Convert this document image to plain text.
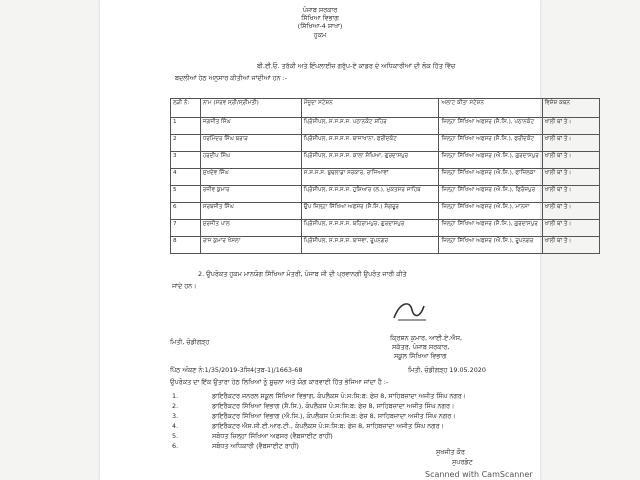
ਪੰਜਾਬ ਸਰਕਾਰ
ਸਿੱਖਿਆ ਵਿਭਾਗ
(ਸਿੱਖਿਆ-4 ਸ਼ਾਖਾ)
ਹੁਕਮ
ਬੀ.ਈ.ਓ. ਤਰੱਕੀ ਅਤੇ ਇੰਪਲਾਈਜ਼ ਗਰੁੱਪ-ਏ ਕਾਡਰ ਦੇ ਅਧਿਕਾਰੀਆਂ ਦੀ ਲੋਕ ਹਿੱਤ ਵਿੱਚ
ਬਦਲੀਆਂ ਹੇਠ ਅਨੁਸਾਰ ਕੀਤੀਆਂ ਜਾਂਦੀਆਂ ਹਨ :-
ਲੜੀ ਨੰ:	ਨਾਮ (ਸਰਵ ਸ੍ਰੀ/ਸ੍ਰੀਮਤੀ)	ਮੌਜੂਦਾ ਸਟੇਸ਼ਨ	ਅਲਾਟ ਕੀਤਾ ਸਟੇਸ਼ਨ	ਵਿਸ਼ੇਸ਼ ਕਥਨ
1	ਜਗਜੀਤ ਸਿੰਘ	ਪ੍ਰਿੰਸੀਪਲ, ਸ.ਸ.ਸ.ਸ. ਪਠਾਨਕੋਟ ਸ਼ਹਿਰ	ਜ਼ਿਲ੍ਹਾ ਸਿੱਖਿਆ ਅਫਸਰ (ਸੈ.ਸਿ.), ਪਠਾਨਕੋਟ	ਖਾਲੀ ਥਾਂ ਤੇ।
2	ਧਰਮਿੰਦਰ ਸਿੰਘ ਬਰਾੜ	ਪ੍ਰਿੰਸੀਪਲ, ਸ.ਸ.ਸ.ਸ. ਬਾਜਾਖਾਨਾ, ਫਰੀਦਕੋਟ	ਜ਼ਿਲ੍ਹਾ ਸਿੱਖਿਆ ਅਫਸਰ (ਸੈ.ਸਿ.), ਫਰੀਦਕੋਟ	ਖਾਲੀ ਥਾਂ ਤੇ।
3	ਹਰਦੀਪ ਸਿੰਘ	ਪ੍ਰਿੰਸੀਪਲ, ਸ.ਸ.ਸ.ਸ. ਕਾਲਾ ਸੰਘਿਆ, ਗੁਰਦਾਸਪੁਰ	ਜ਼ਿਲ੍ਹਾ ਸਿੱਖਿਆ ਅਫਸਰ (ਐ.ਸਿ.), ਗੁਰਦਾਸਪੁਰ	ਖਾਲੀ ਥਾਂ ਤੇ।
4	ਸੁਖਦੇਵ ਸਿੰਘ	ਸ.ਸ.ਸ.ਸ. ਬੁਢਲਾਡਾ ਸਰਕਾਰ, ਰਾਜਿਆਵਾਂ	ਜ਼ਿਲ੍ਹਾ ਸਿੱਖਿਆ ਅਫਸਰ (ਐ.ਸਿ.), ਫਾਜ਼ਿਲਕਾ	ਖਾਲੀ ਥਾਂ ਤੇ।
5	ਰਜੀਵ ਕੁਮਾਰ	ਪ੍ਰਿੰਸੀਪਲ, ਸ.ਸ.ਸ.ਸ. ਹੁਸ਼ਿਆਰ (ਲ.), ਮੁਕਤਸਰ ਸਾਹਿਬ	ਜ਼ਿਲ੍ਹਾ ਸਿੱਖਿਆ ਅਫਸਰ (ਐ.ਸਿ.), ਫਿਰੋਜ਼ਪੁਰ	ਖਾਲੀ ਥਾਂ ਤੇ।
6	ਸਰਬਜੀਤ ਸਿੰਘ	ਉਪ ਜ਼ਿਲ੍ਹਾ ਸਿੱਖਿਆ ਅਫਸਰ (ਸੈ.ਸਿ.) ਸੰਗਰੂਰ	ਜ਼ਿਲ੍ਹਾ ਸਿੱਖਿਆ ਅਫਸਰ (ਐ.ਸਿ.), ਮਾਨਸਾ	ਖਾਲੀ ਥਾਂ ਤੇ।
7	ਸੁਰਜੀਤ ਪਾਲ	ਪ੍ਰਿੰਸੀਪਲ, ਸ.ਸ.ਸ.ਸ. ਬਹਿਰਾਮਪੁਰ, ਗੁਰਦਾਸਪੁਰ	ਜ਼ਿਲ੍ਹਾ ਸਿੱਖਿਆ ਅਫਸਰ (ਸੈ.ਸਿ.), ਗੁਰਦਾਸਪੁਰ	ਖਾਲੀ ਥਾਂ ਤੇ।
8	ਰਾਜ ਕੁਮਾਰ ਖੋਸਲਾ	ਪ੍ਰਿੰਸੀਪਲ, ਸ.ਸ.ਸ.ਸ. ਬਾਜਵਾ, ਰੂਪਨਗਰ	ਜ਼ਿਲ੍ਹਾ ਸਿੱਖਿਆ ਅਫਸਰ (ਐ.ਸਿ.), ਰੂਪਨਗਰ	ਖਾਲੀ ਥਾਂ ਤੇ।
2. ਉਪਰੋਕਤ ਹੁਕਮ ਮਾਨਯੋਗ ਸਿੱਖਿਆ ਮੰਤਰੀ, ਪੰਜਾਬ ਜੀ ਦੀ ਪ੍ਰਵਾਨਗੀ ਉਪਰੰਤ ਜਾਰੀ ਕੀਤੇ
ਜਾਂਦੇ ਹਨ।
ਮਿਤੀ, ਚੰਡੀਗੜ੍ਹ	ਕ੍ਰਿਸ਼ਨ ਕੁਮਾਰ, ਆਈ.ਏ.ਐਸ,
ਸਕੱਤਰ, ਪੰਜਾਬ ਸਰਕਾਰ,
ਸਕੂਲ ਸਿੱਖਿਆ ਵਿਭਾਗ
ਪਿੱਠ ਅੰਕਣ ਨੰ:1/35/2019-3ਸਿ4(ਤਬ-1)/1663-68	ਮਿਤੀ, ਚੰਡੀਗੜ੍ਹ 19.05.2020
ਉਪਰੋਕਤ ਦਾ ਇੱਕ ਉਤਾਰਾ ਹੇਠ ਲਿਖਿਆਂ ਨੂੰ ਸੂਚਨਾ ਅਤੇ ਯੋਗ ਕਾਰਵਾਈ ਹਿੱਤ ਭੇਜਿਆ ਜਾਂਦਾ ਹੈ :-
1.	ਡਾਇਰੈਕਟਰ ਜਨਰਲ ਸਕੂਲ ਸਿੱਖਿਆ ਵਿਭਾਗ, ਕੰਪਲੈਕਸ ਪੰ:ਸ:ਸਿ:ਬ: ਫੇਜ਼ 8, ਸਾਹਿਬਜ਼ਾਦਾ ਅਜੀਤ ਸਿੰਘ ਨਗਰ।
2.	ਡਾਇਰੈਕਟਰ ਸਿੱਖਿਆ ਵਿਭਾਗ (ਸੈ.ਸਿ.), ਕੰਪਲੈਕਸ ਪੰ:ਸ:ਸਿ:ਬ: ਫੇਜ਼ 8, ਸਾਹਿਬਜ਼ਾਦਾ ਅਜੀਤ ਸਿੰਘ ਨਗਰ।
3.	ਡਾਇਰੈਕਟਰ ਸਿੱਖਿਆ ਵਿਭਾਗ (ਐ.ਸਿ.), ਕੰਪਲੈਕਸ ਪੰ:ਸ:ਸਿ:ਬ: ਫੇਜ਼ 8, ਸਾਹਿਬਜ਼ਾਦਾ ਅਜੀਤ ਸਿੰਘ ਨਗਰ।
4.	ਡਾਇਰੈਕਟਰ ਐਸ.ਸੀ.ਈ.ਆਰ.ਟੀ., ਕੰਪਲੈਕਸ ਪੰ:ਸ:ਸਿ:ਬ: ਫੇਜ਼ 8, ਸਾਹਿਬਜ਼ਾਦਾ ਅਜੀਤ ਸਿੰਘ ਨਗਰ।
5.	ਸਬੰਧਤ ਜ਼ਿਲ੍ਹਾ ਸਿੱਖਿਆ ਅਫਸਰ (ਵੈਬਸਾਈਟ ਰਾਹੀਂ)
6.	ਸਬੰਧਤ ਅਧਿਕਾਰੀ (ਵੈਬਸਾਈਟ ਰਾਹੀਂ)
ਸੁਖਜੀਤ ਕੌਰ
ਸੁਪਰਡੰਟ
Scanned with CamScanner
